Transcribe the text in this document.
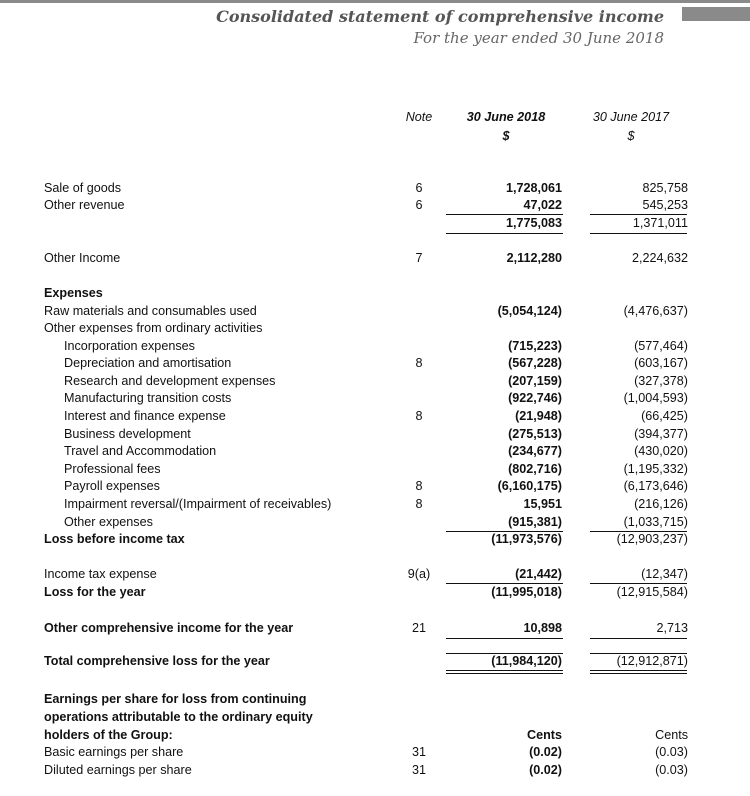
Consolidated statement of comprehensive income
For the year ended 30 June 2018
Note	30 June 2018	30 June 2017
$	$
Sale of goods	6	1,728,061	825,758
Other revenue	6	47,022	545,253
1,775,083	1,371,011
Other Income	7	2,112,280	2,224,632
Expenses
Raw materials and consumables used	(5,054,124)	(4,476,637)
Other expenses from ordinary activities
Incorporation expenses	(715,223)	(577,464)
Depreciation and amortisation	8	(567,228)	(603,167)
Research and development expenses	(207,159)	(327,378)
Manufacturing transition costs	(922,746)	(1,004,593)
Interest and finance expense	8	(21,948)	(66,425)
Business development	(275,513)	(394,377)
Travel and Accommodation	(234,677)	(430,020)
Professional fees	(802,716)	(1,195,332)
Payroll expenses	8	(6,160,175)	(6,173,646)
Impairment reversal/(Impairment of receivables)	8	15,951	(216,126)
Other expenses	(915,381)	(1,033,715)
Loss before income tax	(11,973,576)	(12,903,237)
Income tax expense	9(a)	(21,442)	(12,347)
Loss for the year	(11,995,018)	(12,915,584)
Other comprehensive income for the year	21	10,898	2,713
Total comprehensive loss for the year	(11,984,120)	(12,912,871)
Earnings per share for loss from continuing
operations attributable to the ordinary equity
holders of the Group:	Cents	Cents
Basic earnings per share	31	(0.02)	(0.03)
Diluted earnings per share	31	(0.02)	(0.03)
